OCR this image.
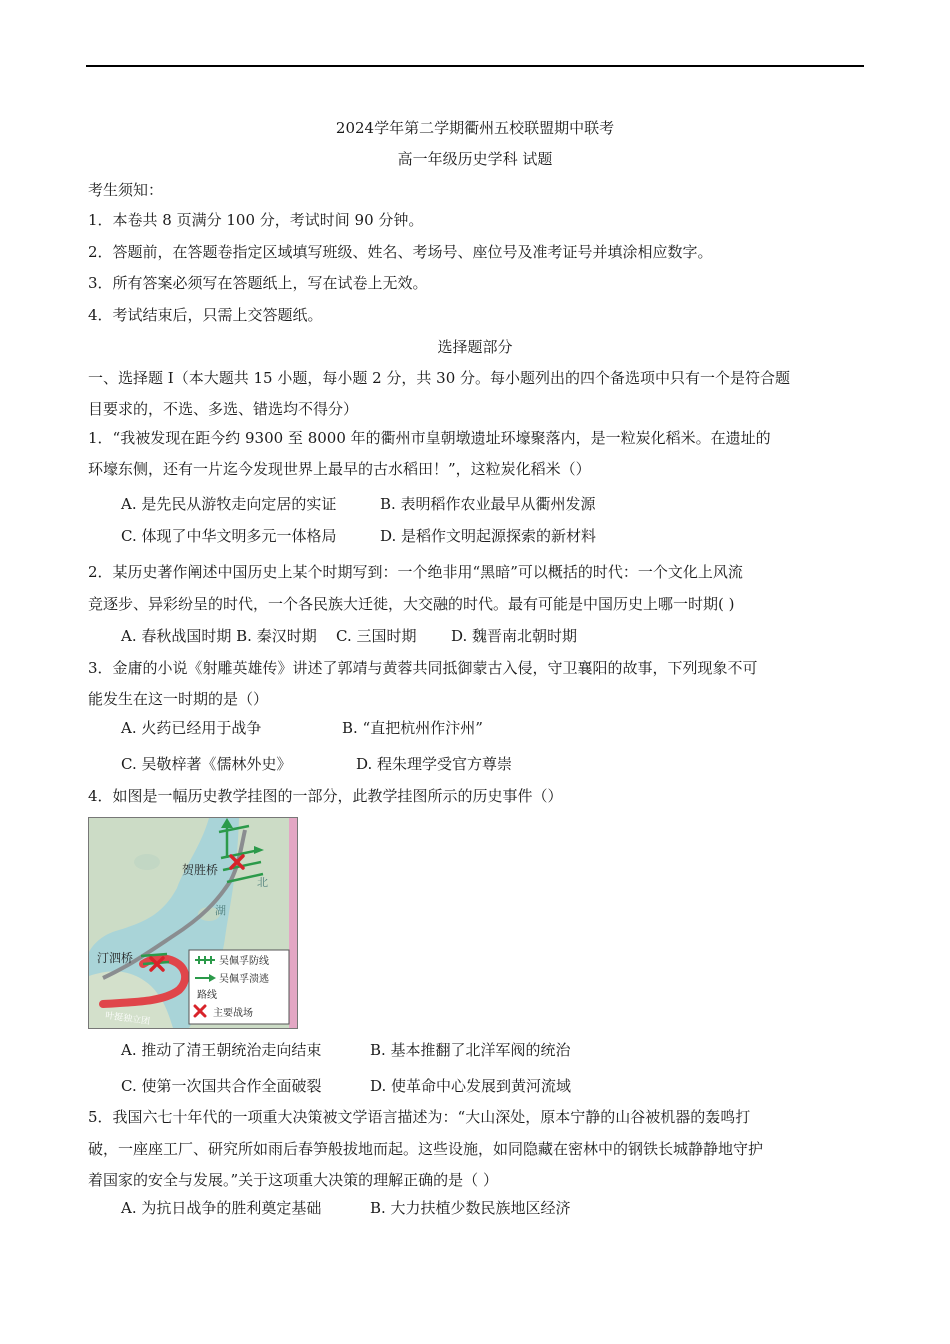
2024学年第二学期衢州五校联盟期中联考
高一年级历史学科 试题
考生须知：
1．本卷共 8 页满分 100 分，考试时间 90 分钟。
2．答题前，在答题卷指定区域填写班级、姓名、考场号、座位号及准考证号并填涂相应数字。
3．所有答案必须写在答题纸上，写在试卷上无效。
4．考试结束后，只需上交答题纸。
选择题部分
一、选择题 I（本大题共 15 小题，每小题 2 分，共 30 分。每小题列出的四个备选项中只有一个是符合题
目要求的，不选、多选、错选均不得分）
1．“我被发现在距今约 9300 至 8000 年的衢州市皇朝墩遗址环壕聚落内，是一粒炭化稻米。在遗址的
环壕东侧，还有一片迄今发现世界上最早的古水稻田！”，这粒炭化稻米（）
A. 是先民从游牧走向定居的实证	B. 表明稻作农业最早从衢州发源
C. 体现了中华文明多元一体格局	D. 是稻作文明起源探索的新材料
2．某历史著作阐述中国历史上某个时期写到：一个绝非用“黑暗”可以概括的时代：一个文化上风流
竞逐步、异彩纷呈的时代，一个各民族大迁徙，大交融的时代。最有可能是中国历史上哪一时期( )
A. 春秋战国时期 B. 秦汉时期 C. 三国时期 D. 魏晋南北朝时期
3．金庸的小说《射雕英雄传》讲述了郭靖与黄蓉共同抵御蒙古入侵，守卫襄阳的故事，下列现象不可
能发生在这一时期的是（）
A. 火药已经用于战争	B. “直把杭州作汴州”
C. 吴敬梓著《儒林外史》	D. 程朱理学受官方尊崇
4．如图是一幅历史教学挂图的一部分，此教学挂图所示的历史事件（）
贺胜桥
汀泗桥
湖
北
叶挺独立团
吴佩孚防线
吴佩孚溃逃
路线
主要战场
A. 推动了清王朝统治走向结束	B. 基本推翻了北洋军阀的统治
C. 使第一次国共合作全面破裂	D. 使革命中心发展到黄河流域
5．我国六七十年代的一项重大决策被文学语言描述为：“大山深处，原本宁静的山谷被机器的轰鸣打
破，一座座工厂、研究所如雨后春笋般拔地而起。这些设施，如同隐藏在密林中的钢铁长城静静地守护
着国家的安全与发展。”关于这项重大决策的理解正确的是（ ）
A. 为抗日战争的胜利奠定基础	B. 大力扶植少数民族地区经济
